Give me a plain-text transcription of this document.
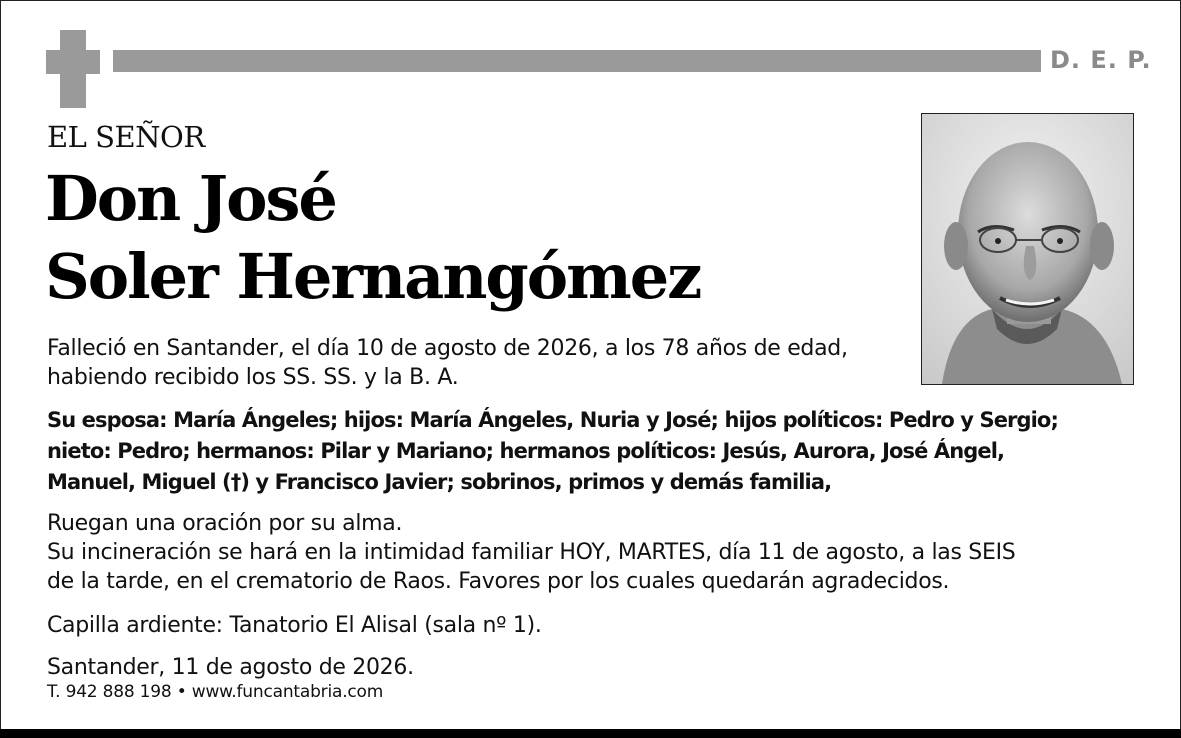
D. E. P.
EL SEÑOR
Don José
Soler Hernangómez
Falleció en Santander, el día 10 de agosto de 2026, a los 78 años de edad,
habiendo recibido los SS. SS. y la B. A.
Su esposa: María Ángeles; hijos: María Ángeles, Nuria y José; hijos políticos: Pedro y Sergio;
nieto: Pedro; hermanos: Pilar y Mariano; hermanos políticos: Jesús, Aurora, José Ángel,
Manuel, Miguel (†) y Francisco Javier; sobrinos, primos y demás familia,
Ruegan una oración por su alma.
Su incineración se hará en la intimidad familiar HOY, MARTES, día 11 de agosto, a las SEIS
de la tarde, en el crematorio de Raos. Favores por los cuales quedarán agradecidos.
Capilla ardiente: Tanatorio El Alisal (sala nº 1).
Santander, 11 de agosto de 2026.
T. 942 888 198 • www.funcantabria.com
